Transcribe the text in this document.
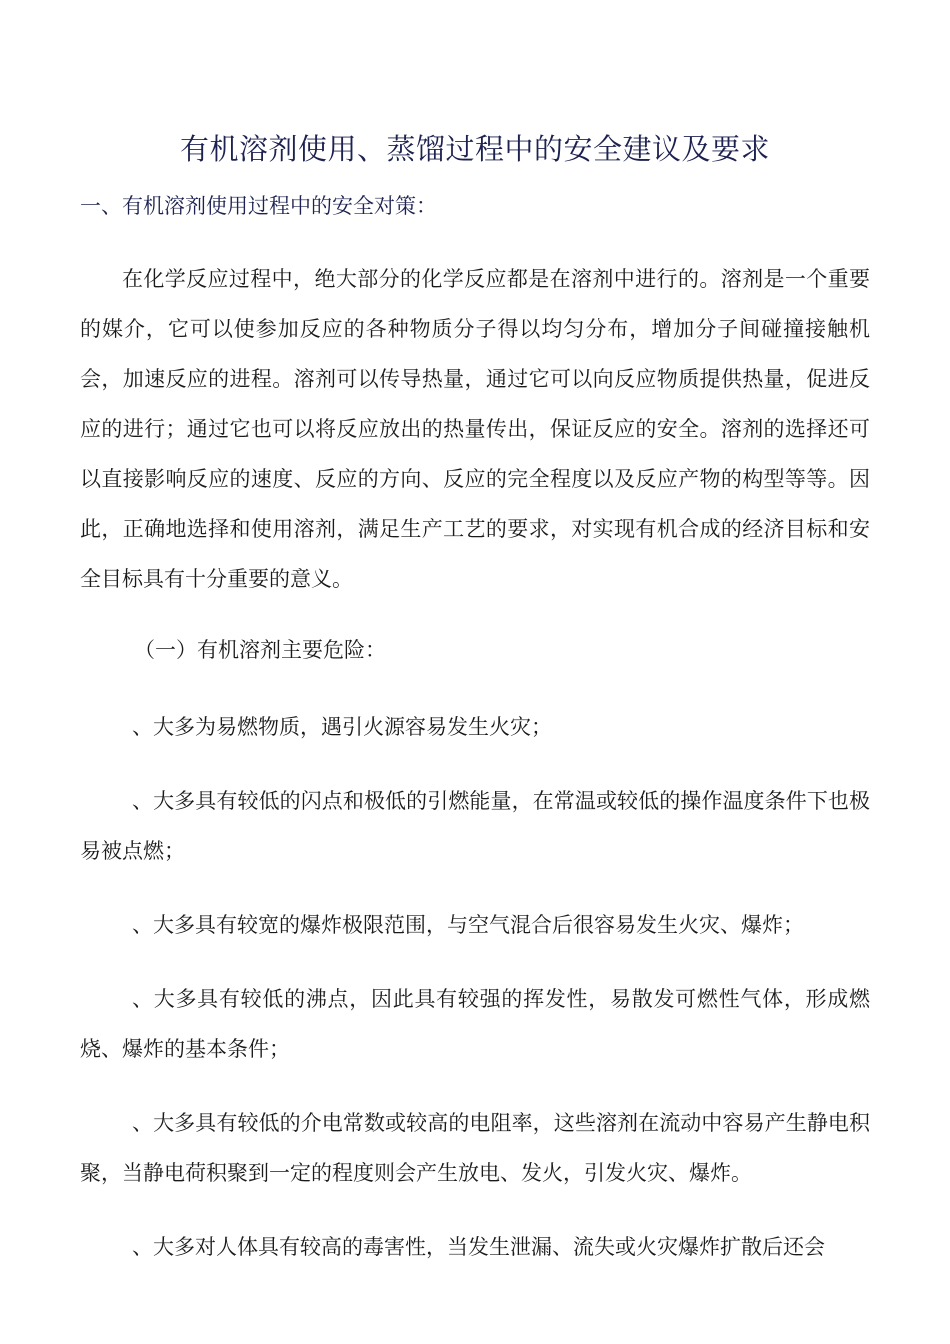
有机溶剂使用、蒸馏过程中的安全建议及要求
一、有机溶剂使用过程中的安全对策：

在化学反应过程中，绝大部分的化学反应都是在溶剂中进行的。溶剂是一个重要的媒介，它可以使参加反应的各种物质分子得以均匀分布，增加分子间碰撞接触机会，加速反应的进程。溶剂可以传导热量，通过它可以向反应物质提供热量，促进反应的进行；通过它也可以将反应放出的热量传出，保证反应的安全。溶剂的选择还可以直接影响反应的速度、反应的方向、反应的完全程度以及反应产物的构型等等。因此，正确地选择和使用溶剂，满足生产工艺的要求，对实现有机合成的经济目标和安全目标具有十分重要的意义。

（一）有机溶剂主要危险：

、大多为易燃物质，遇引火源容易发生火灾；

、大多具有较低的闪点和极低的引燃能量，在常温或较低的操作温度条件下也极易被点燃；

、大多具有较宽的爆炸极限范围，与空气混合后很容易发生火灾、爆炸；

、大多具有较低的沸点，因此具有较强的挥发性，易散发可燃性气体，形成燃烧、爆炸的基本条件；

、大多具有较低的介电常数或较高的电阻率，这些溶剂在流动中容易产生静电积聚，当静电荷积聚到一定的程度则会产生放电、发火，引发火灾、爆炸。

、大多对人体具有较高的毒害性，当发生泄漏、流失或火灾爆炸扩散后还会
